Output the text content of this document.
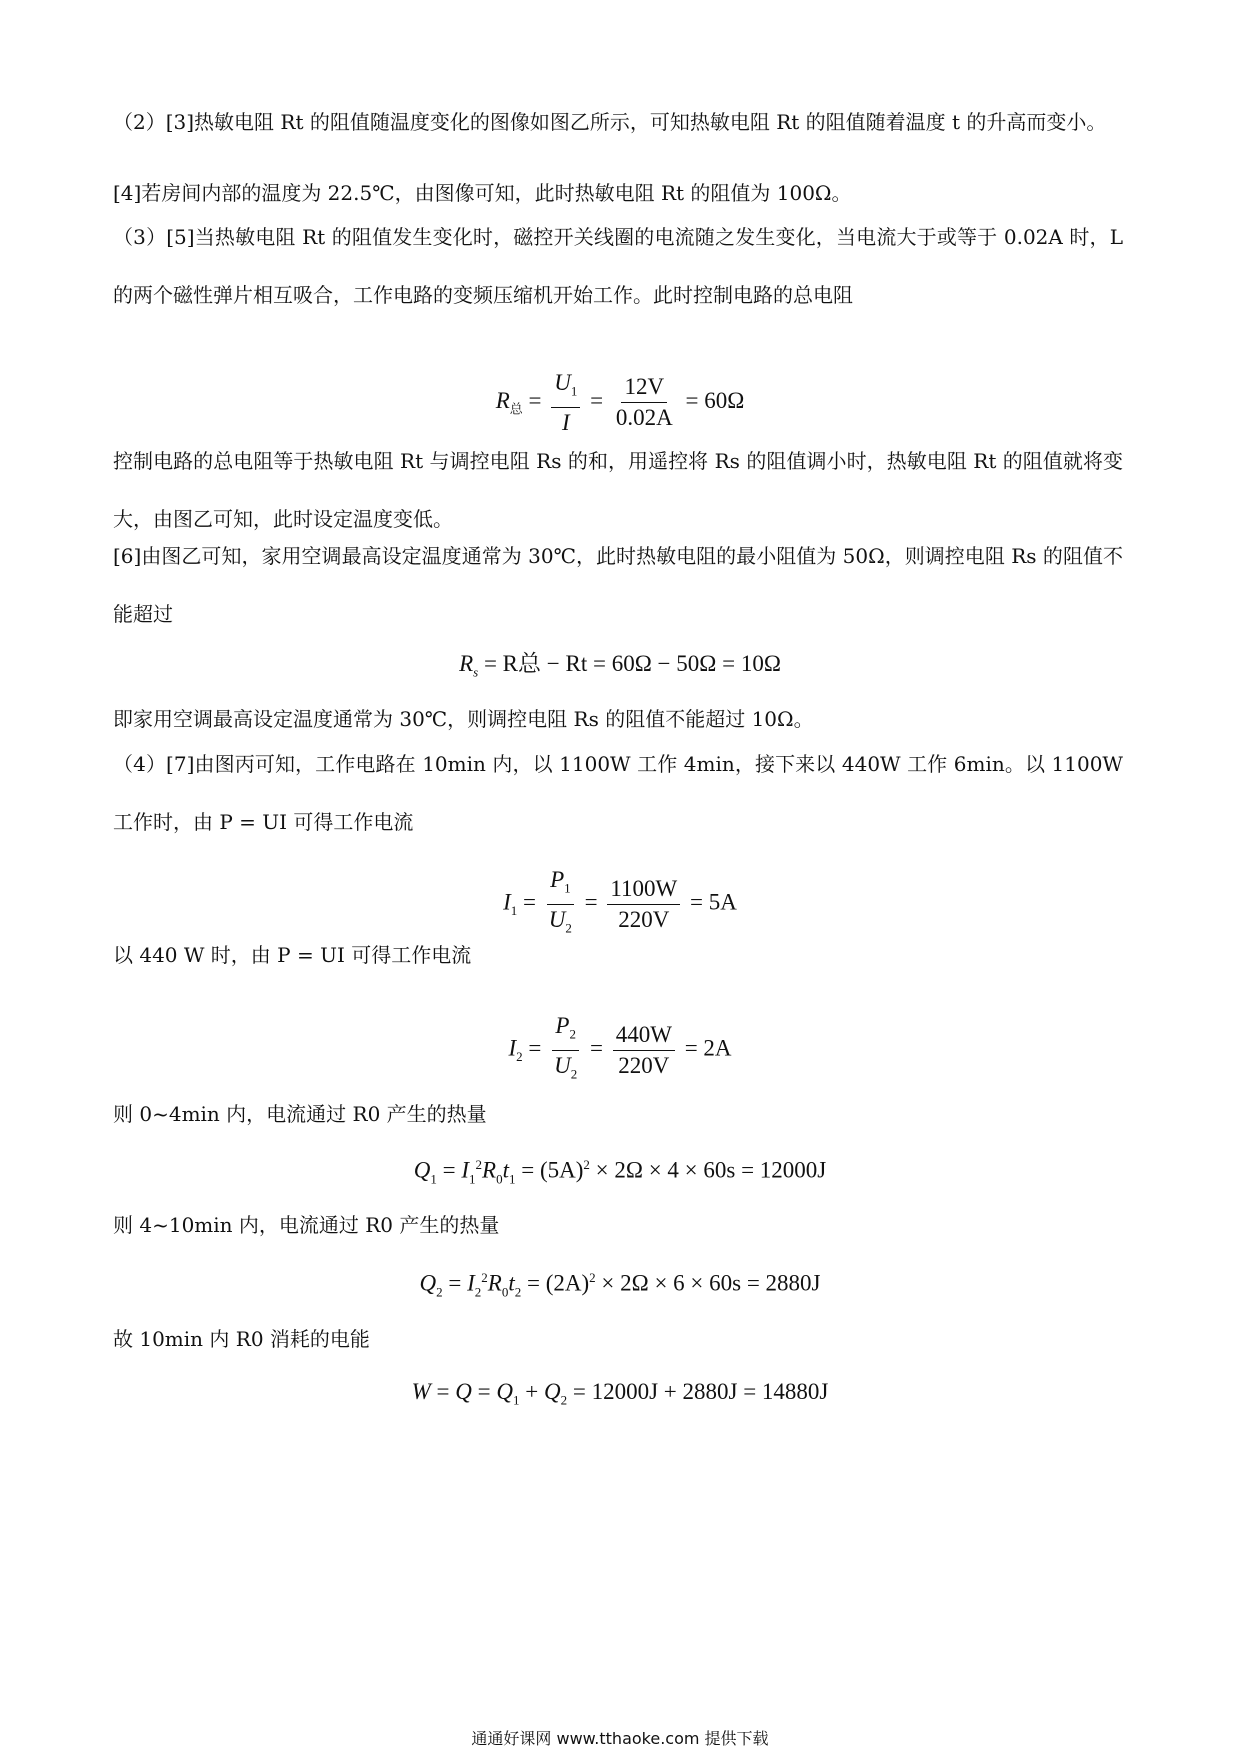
（2）[3]热敏电阻 Rt 的阻值随温度变化的图像如图乙所示，可知热敏电阻 Rt 的阻值随着温度 t 的升高而变小。

[4]若房间内部的温度为 22.5℃，由图像可知，此时热敏电阻 Rt 的阻值为 100Ω。

（3）[5]当热敏电阻 Rt 的阻值发生变化时，磁控开关线圈的电流随之发生变化，当电流大于或等于 0.02A 时，L 的两个磁性弹片相互吸合，工作电路的变频压缩机开始工作。此时控制电路的总电阻

$R_总 = \frac{U_1}{I} = \frac{12V}{0.02A} = 60\Omega$

控制电路的总电阻等于热敏电阻 Rt 与调控电阻 Rs 的和，用遥控将 Rs 的阻值调小时，热敏电阻 Rt 的阻值就将变大，由图乙可知，此时设定温度变低。

[6]由图乙可知，家用空调最高设定温度通常为 30℃，此时热敏电阻的最小阻值为 50Ω，则调控电阻 Rs 的阻值不能超过

$R_s = R$总 − Rt = 60Ω − 50Ω = 10Ω

即家用空调最高设定温度通常为 30℃，则调控电阻 Rs 的阻值不能超过 10Ω。

（4）[7]由图丙可知，工作电路在 10min 内，以 1100W 工作 4min，接下来以 440W 工作 6min。以 1100W 工作时，由 P = UI 可得工作电流

$I_1 = \frac{P_1}{U_2} = \frac{1100W}{220V} = 5A$

以 440 W 时，由 P = UI 可得工作电流

$I_2 = \frac{P_2}{U_2} = \frac{440W}{220V} = 2A$

则 0~4min 内，电流通过 R0 产生的热量

$Q_1 = I_1^2R_0t_1 = (5A)^2 \times 2\Omega \times 4 \times 60s = 12000J$

则 4~10min 内，电流通过 R0 产生的热量

$Q_2 = I_2^2R_0t_2 = (2A)^2 \times 2\Omega \times 6 \times 60s = 2880J$

故 10min 内 R0 消耗的电能

$W = Q = Q_1 + Q_2 = 12000J + 2880J = 14880J$
通通好课网 www.tthaoke.com 提供下载
